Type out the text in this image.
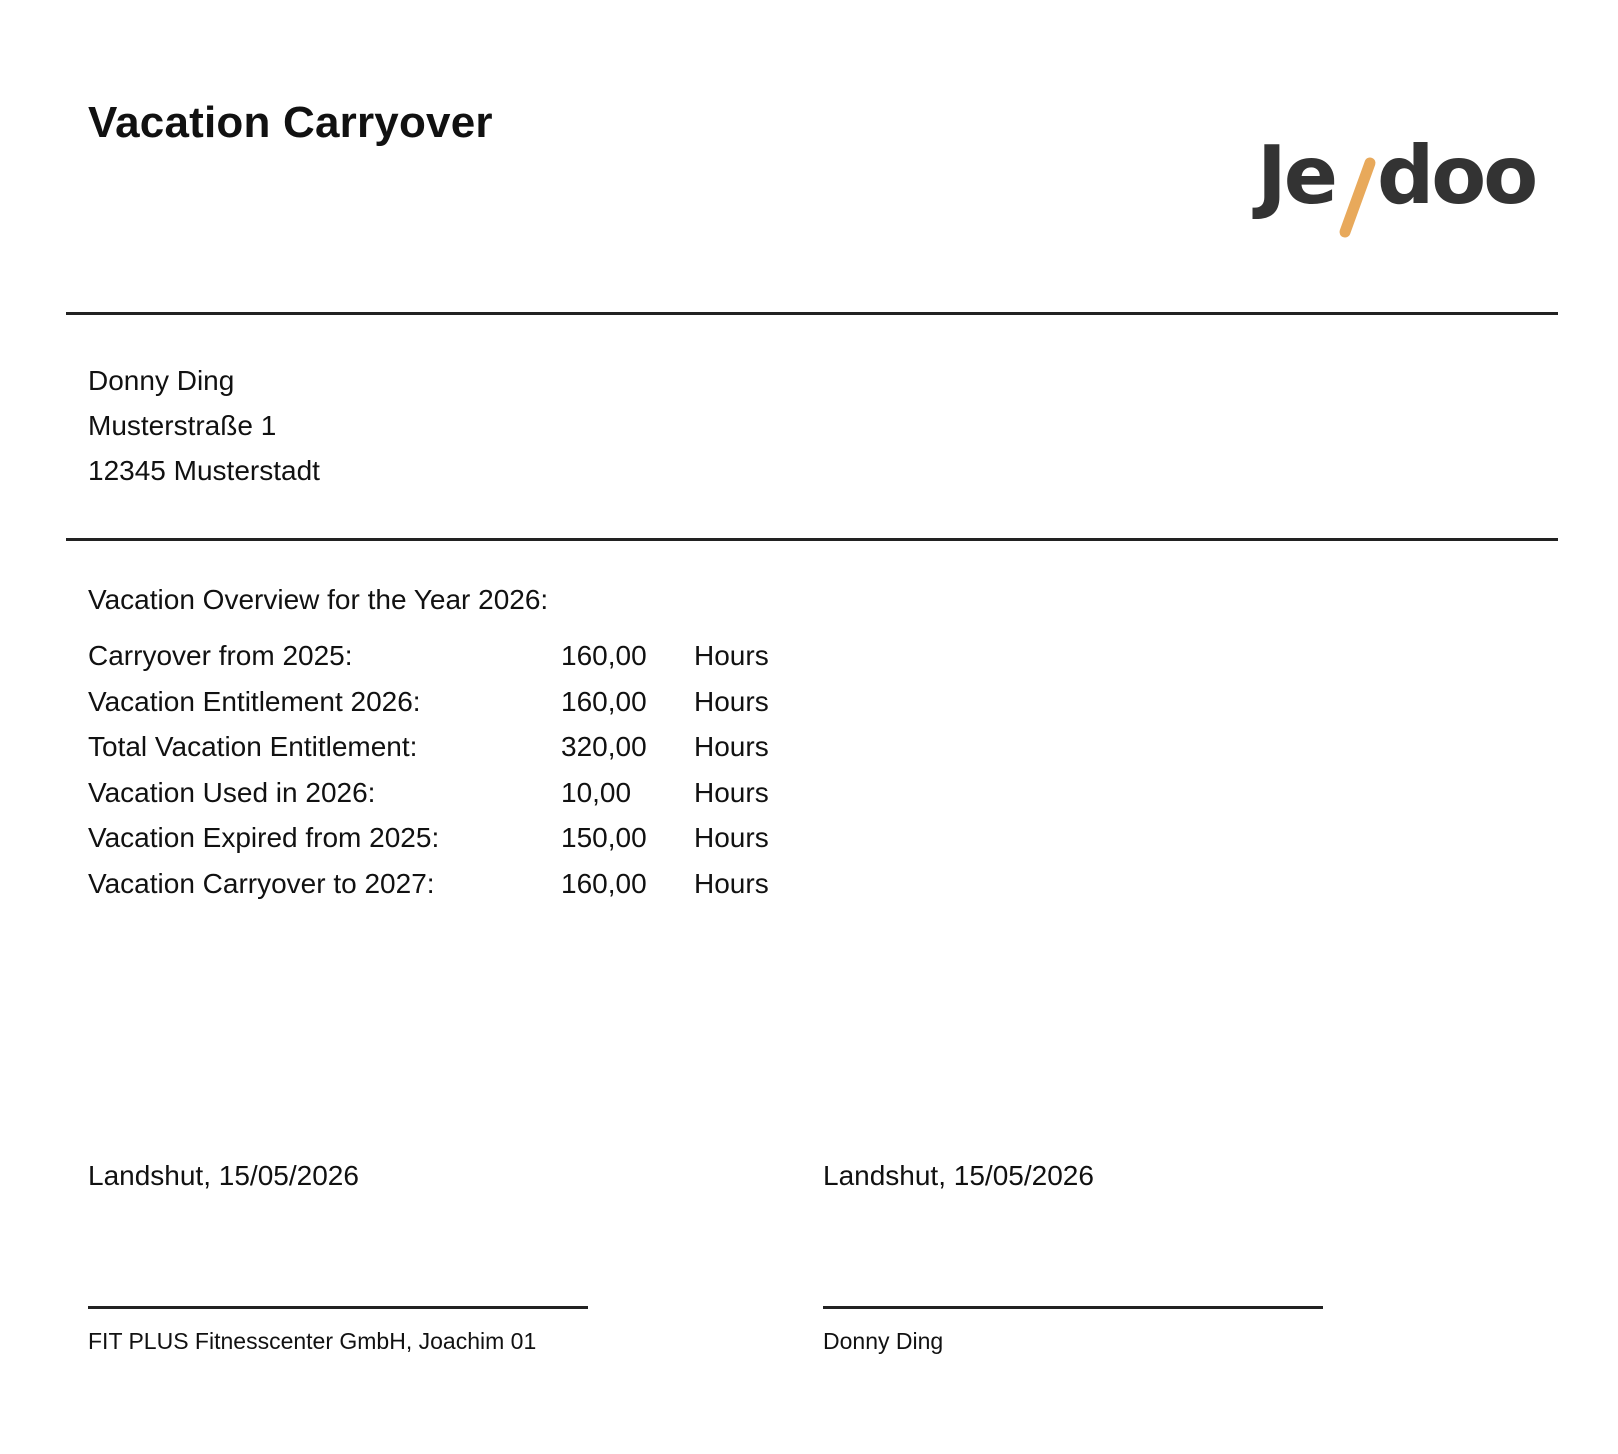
Vacation Carryover
Je doo
Donny Ding
Musterstraße 1
12345 Musterstadt
Vacation Overview for the Year 2026:
Carryover from 2025:	160,00 Hours
Vacation Entitlement 2026:	160,00 Hours
Total Vacation Entitlement:	320,00 Hours
Vacation Used in 2026:	10,00 Hours
Vacation Expired from 2025:	150,00 Hours
Vacation Carryover to 2027:	160,00 Hours
Landshut, 15/05/2026
FIT PLUS Fitnesscenter GmbH, Joachim 01
Landshut, 15/05/2026
Donny Ding
